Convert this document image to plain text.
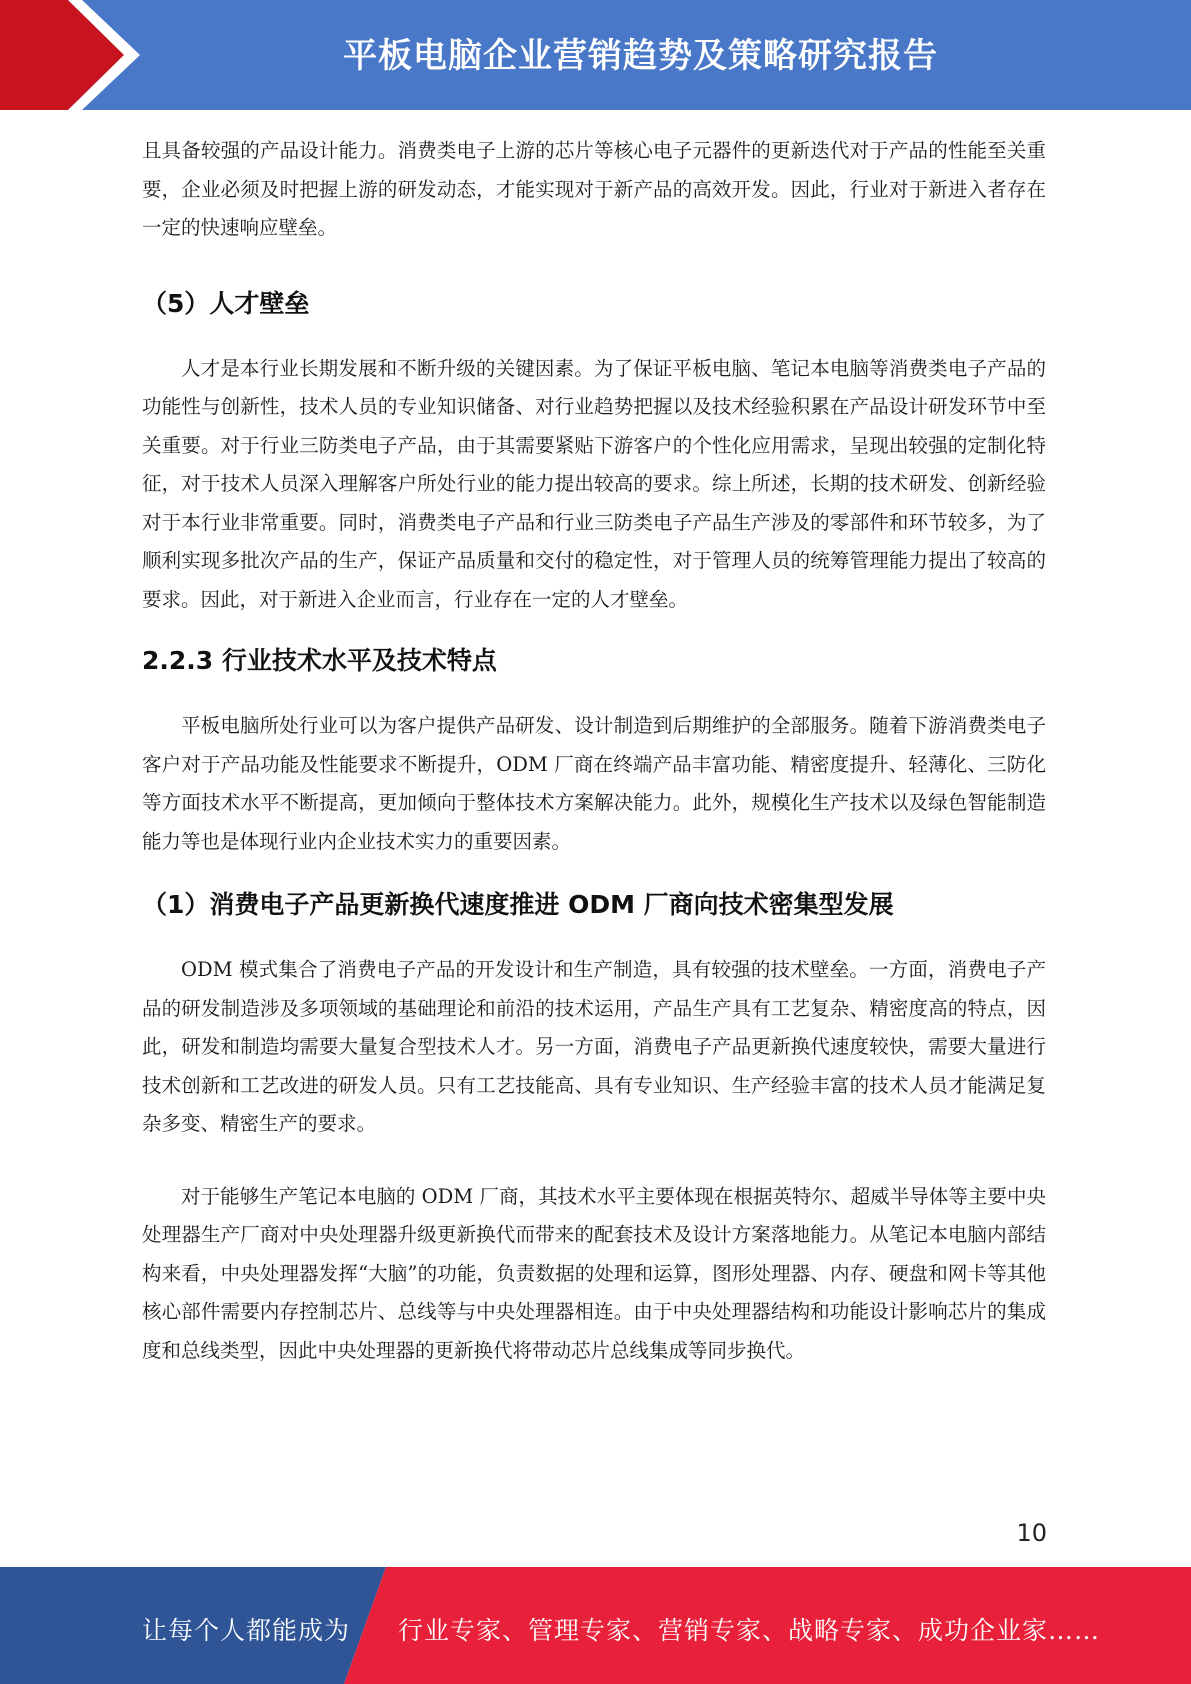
平板电脑企业营销趋势及策略研究报告

且具备较强的产品设计能力。消费类电子上游的芯片等核心电子元器件的更新迭代对于产品的性能至关重要，企业必须及时把握上游的研发动态，才能实现对于新产品的高效开发。因此，行业对于新进入者存在一定的快速响应壁垒。

（5）人才壁垒

人才是本行业长期发展和不断升级的关键因素。为了保证平板电脑、笔记本电脑等消费类电子产品的功能性与创新性，技术人员的专业知识储备、对行业趋势把握以及技术经验积累在产品设计研发环节中至关重要。对于行业三防类电子产品，由于其需要紧贴下游客户的个性化应用需求，呈现出较强的定制化特征，对于技术人员深入理解客户所处行业的能力提出较高的要求。综上所述，长期的技术研发、创新经验对于本行业非常重要。同时，消费类电子产品和行业三防类电子产品生产涉及的零部件和环节较多，为了顺利实现多批次产品的生产，保证产品质量和交付的稳定性，对于管理人员的统筹管理能力提出了较高的要求。因此，对于新进入企业而言，行业存在一定的人才壁垒。

2.2.3 行业技术水平及技术特点

平板电脑所处行业可以为客户提供产品研发、设计制造到后期维护的全部服务。随着下游消费类电子客户对于产品功能及性能要求不断提升，ODM 厂商在终端产品丰富功能、精密度提升、轻薄化、三防化等方面技术水平不断提高，更加倾向于整体技术方案解决能力。此外，规模化生产技术以及绿色智能制造能力等也是体现行业内企业技术实力的重要因素。

（1）消费电子产品更新换代速度推进 ODM 厂商向技术密集型发展

ODM 模式集合了消费电子产品的开发设计和生产制造，具有较强的技术壁垒。一方面，消费电子产品的研发制造涉及多项领域的基础理论和前沿的技术运用，产品生产具有工艺复杂、精密度高的特点，因此，研发和制造均需要大量复合型技术人才。另一方面，消费电子产品更新换代速度较快，需要大量进行技术创新和工艺改进的研发人员。只有工艺技能高、具有专业知识、生产经验丰富的技术人员才能满足复杂多变、精密生产的要求。

对于能够生产笔记本电脑的 ODM 厂商，其技术水平主要体现在根据英特尔、超威半导体等主要中央处理器生产厂商对中央处理器升级更新换代而带来的配套技术及设计方案落地能力。从笔记本电脑内部结构来看，中央处理器发挥“大脑”的功能，负责数据的处理和运算，图形处理器、内存、硬盘和网卡等其他核心部件需要内存控制芯片、总线等与中央处理器相连。由于中央处理器结构和功能设计影响芯片的集成度和总线类型，因此中央处理器的更新换代将带动芯片总线集成等同步换代。

10
让每个人都能成为 行业专家、管理专家、营销专家、战略专家、成功企业家……
